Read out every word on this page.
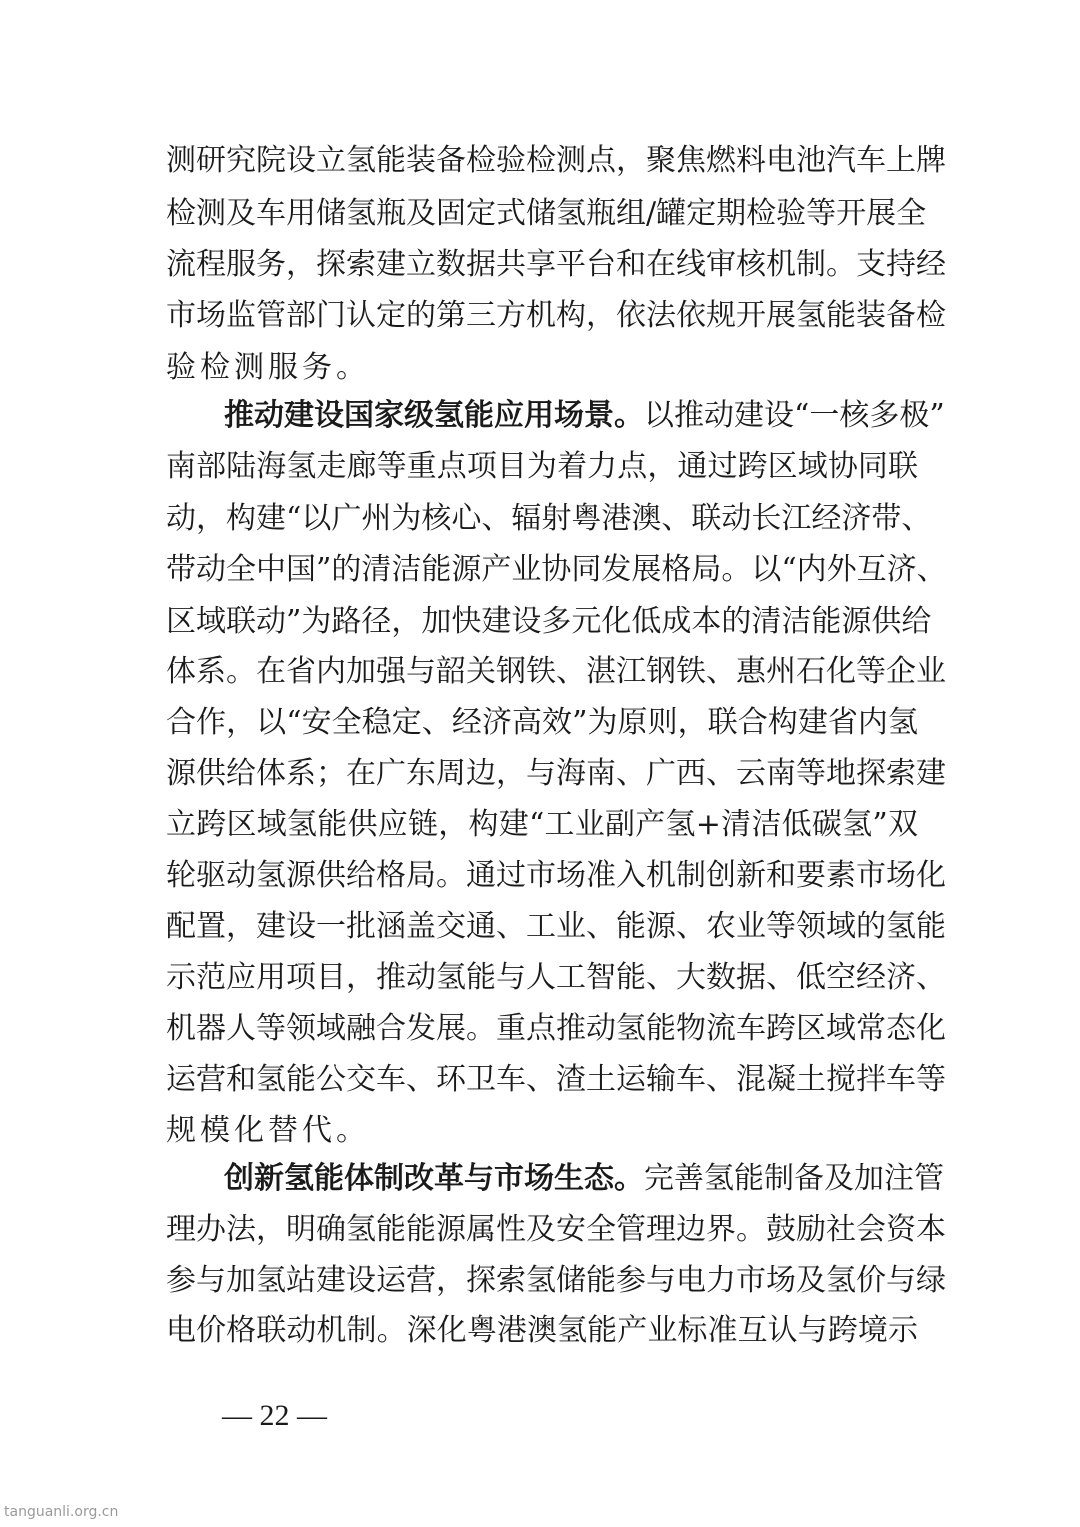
测研究院设立氢能装备检验检测点，聚焦燃料电池汽车上牌
检测及车用储氢瓶及固定式储氢瓶组/罐定期检验等开展全
流程服务，探索建立数据共享平台和在线审核机制。支持经
市场监管部门认定的第三方机构，依法依规开展氢能装备检
验检测服务。
推动建设国家级氢能应用场景。以推动建设“一核多极”
南部陆海氢走廊等重点项目为着力点，通过跨区域协同联
动，构建“以广州为核心、辐射粤港澳、联动长江经济带、
带动全中国”的清洁能源产业协同发展格局。以“内外互济、
区域联动”为路径，加快建设多元化低成本的清洁能源供给
体系。在省内加强与韶关钢铁、湛江钢铁、惠州石化等企业
合作，以“安全稳定、经济高效”为原则，联合构建省内氢
源供给体系；在广东周边，与海南、广西、云南等地探索建
立跨区域氢能供应链，构建“工业副产氢+清洁低碳氢”双
轮驱动氢源供给格局。通过市场准入机制创新和要素市场化
配置，建设一批涵盖交通、工业、能源、农业等领域的氢能
示范应用项目，推动氢能与人工智能、大数据、低空经济、
机器人等领域融合发展。重点推动氢能物流车跨区域常态化
运营和氢能公交车、环卫车、渣土运输车、混凝土搅拌车等
规模化替代。
创新氢能体制改革与市场生态。完善氢能制备及加注管
理办法，明确氢能能源属性及安全管理边界。鼓励社会资本
参与加氢站建设运营，探索氢储能参与电力市场及氢价与绿
电价格联动机制。深化粤港澳氢能产业标准互认与跨境示
— 22 —
tanguanli.org.cn
